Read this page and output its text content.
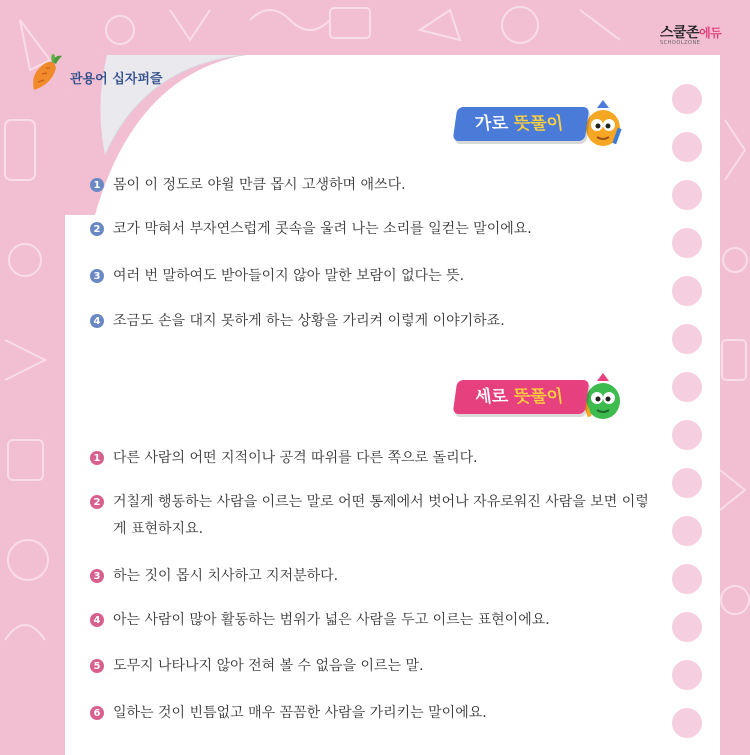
스쿨존에듀
SCHOOLZONE
관용어 십자퍼즐
가로 뜻풀이
1 몸이 이 정도로 야윌 만큼 몹시 고생하며 애쓰다.
2 코가 막혀서 부자연스럽게 콧속을 울려 나는 소리를 일컫는 말이에요.
3 여러 번 말하여도 받아들이지 않아 말한 보람이 없다는 뜻.
4 조금도 손을 대지 못하게 하는 상황을 가리켜 이렇게 이야기하죠.
세로 뜻풀이
1 다른 사람의 어떤 지적이나 공격 따위를 다른 쪽으로 돌리다.
2 거칠게 행동하는 사람을 이르는 말로 어떤 통제에서 벗어나 자유로워진 사람을 보면 이렇게 표현하지요.
3 하는 짓이 몹시 치사하고 지저분하다.
4 아는 사람이 많아 활동하는 범위가 넓은 사람을 두고 이르는 표현이에요.
5 도무지 나타나지 않아 전혀 볼 수 없음을 이르는 말.
6 일하는 것이 빈틈없고 매우 꼼꼼한 사람을 가리키는 말이에요.
